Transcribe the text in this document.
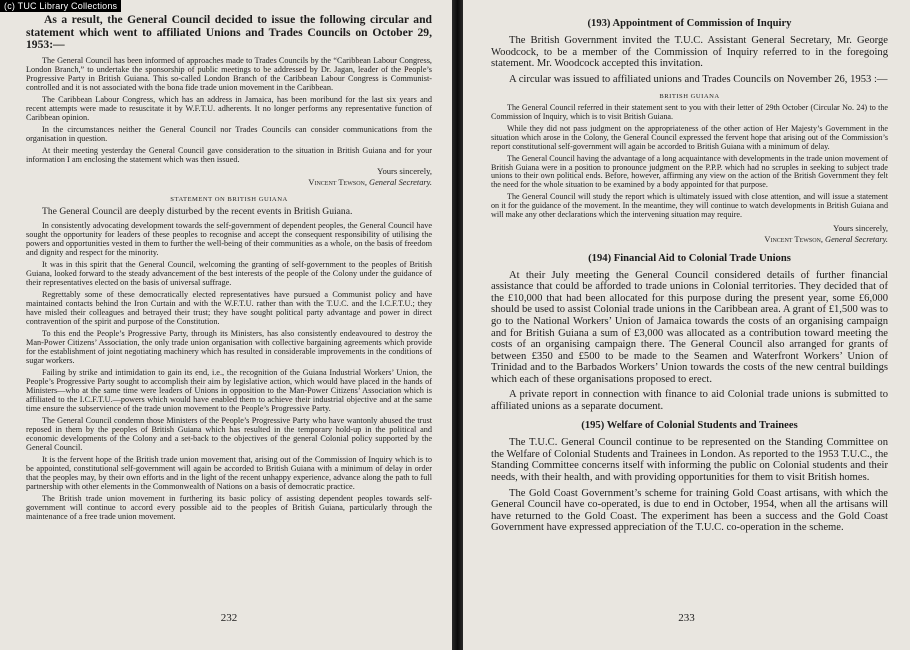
(c) TUC Library Collections

As a result, the General Council decided to issue the following circular and statement which went to affiliated Unions and Trades Councils on October 29, 1953:—

The General Council has been informed of approaches made to Trades Councils by the “Caribbean Labour Congress, London Branch,” to undertake the sponsorship of public meetings to be addressed by Dr. Jagan, leader of the People’s Progressive Party in British Guiana. This so-called London Branch of the Caribbean Labour Congress is Communist-controlled and it is not associated with the bona fide trade union movement in the Caribbean.

The Caribbean Labour Congress, which has an address in Jamaica, has been moribund for the last six years and recent attempts were made to resuscitate it by W.F.T.U. adherents. It no longer performs any representative function of Caribbean opinion.

In the circumstances neither the General Council nor Trades Councils can consider communications from the organisation in question.

At their meeting yesterday the General Council gave consideration to the situation in British Guiana and for your information I am enclosing the statement which was then issued.

Yours sincerely,

Vincent Tewson, General Secretary.

STATEMENT ON BRITISH GUIANA

The General Council are deeply disturbed by the recent events in British Guiana.

In consistently advocating development towards the self-government of dependent peoples, the General Council have sought the opportunity for leaders of these peoples to recognise and accept the consequent responsibility of utilising the powers and opportunities vested in them to further the well-being of their communities as a whole, on the basis of freedom and dignity and respect for the minority.

It was in this spirit that the General Council, welcoming the granting of self-government to the peoples of British Guiana, looked forward to the steady advancement of the best interests of the people of the Colony under the guidance of their representatives elected on the basis of universal suffrage.

Regrettably some of these democratically elected representatives have pursued a Communist policy and have maintained contacts behind the Iron Curtain and with the W.F.T.U. rather than with the T.U.C. and the I.C.F.T.U.; they have misled their colleagues and betrayed their trust; they have sought political party advantage and power in direct contravention of the spirit and purpose of the Constitution.

To this end the People’s Progressive Party, through its Ministers, has also consistently endeavoured to destroy the Man-Power Citizens’ Association, the only trade union organisation with collective bargaining agreements which provide for the establishment of joint negotiating machinery which has resulted in considerable improvements in the conditions of sugar workers.

Failing by strike and intimidation to gain its end, i.e., the recognition of the Guiana Industrial Workers’ Union, the People’s Progressive Party sought to accomplish their aim by legislative action, which would have placed in the hands of Ministers—who at the same time were leaders of Unions in opposition to the Man-Power Citizens’ Association which is affiliated to the I.C.F.T.U.—powers which would have enabled them to achieve their industrial objective and at the same time ensure the subservience of the trade union movement to the People’s Progressive Party.

The General Council condemn those Ministers of the People’s Progressive Party who have wantonly abused the trust reposed in them by the peoples of British Guiana which has resulted in the temporary hold-up in the political and economic developments of the Colony and a set-back to the objectives of the general Colonial policy supported by the General Council.

It is the fervent hope of the British trade union movement that, arising out of the Commission of Inquiry which is to be appointed, constitutional self-government will again be accorded to British Guiana with a minimum of delay in order that the peoples may, by their own efforts and in the light of the recent unhappy experience, advance along the path to full partnership with other elements in the Commonwealth of Nations on a basis of democratic practice.

The British trade union movement in furthering its basic policy of assisting dependent peoples towards self-government will continue to accord every possible aid to the peoples of British Guiana, particularly through the maintenance of a free trade union movement.

232
(193) Appointment of Commission of Inquiry

The British Government invited the T.U.C. Assistant General Secretary, Mr. George Woodcock, to be a member of the Commission of Inquiry referred to in the foregoing statement. Mr. Woodcock accepted this invitation.

A circular was issued to affiliated unions and Trades Councils on November 26, 1953 :—

BRITISH GUIANA

The General Council referred in their statement sent to you with their letter of 29th October (Circular No. 24) to the Commission of Inquiry, which is to visit British Guiana.

While they did not pass judgment on the appropriateness of the other action of Her Majesty’s Government in the situation which arose in the Colony, the General Council expressed the fervent hope that arising out of the Commission’s report constitutional self-government will again be accorded to British Guiana with a minimum of delay.

The General Council having the advantage of a long acquaintance with developments in the trade union movement of British Guiana were in a position to pronounce judgment on the P.P.P. which had no scruples in seeking to subject trade unions to their own political ends. Before, however, affirming any view on the action of the British Government they felt the need for the whole situation to be examined by a body appointed for that purpose.

The General Council will study the report which is ultimately issued with close attention, and will issue a statement on it for the guidance of the movement. In the meantime, they will continue to watch developments in British Guiana and will make any other declarations which the intervening situation may require.

Yours sincerely,

Vincent Tewson, General Secretary.

(194) Financial Aid to Colonial Trade Unions

At their July meeting the General Council considered details of further financial assistance that could be afforded to trade unions in Colonial territories. They decided that of the £10,000 that had been allocated for this purpose during the present year, some £6,000 should be used to assist Colonial trade unions in the Caribbean area. A grant of £1,500 was to go to the National Workers’ Union of Jamaica towards the costs of an organising campaign and for British Guiana a sum of £3,000 was allocated as a contribution toward meeting the costs of an organising campaign there. The General Council also arranged for grants of between £350 and £500 to be made to the Seamen and Waterfront Workers’ Union of Trinidad and to the Barbados Workers’ Union towards the costs of the new central buildings which each of these organisations proposed to erect.

A private report in connection with finance to aid Colonial trade unions is submitted to affiliated unions as a separate document.

(195) Welfare of Colonial Students and Trainees

The T.U.C. General Council continue to be represented on the Standing Committee on the Welfare of Colonial Students and Trainees in London. As reported to the 1953 T.U.C., the Standing Committee concerns itself with informing the public on Colonial students and their needs, with their health, and with providing opportunities for them to visit British homes.

The Gold Coast Government’s scheme for training Gold Coast artisans, with which the General Council have co-operated, is due to end in October, 1954, when all the artisans will have returned to the Gold Coast. The experiment has been a success and the Gold Coast Government have expressed appreciation of the T.U.C. co-operation in the scheme.

233
